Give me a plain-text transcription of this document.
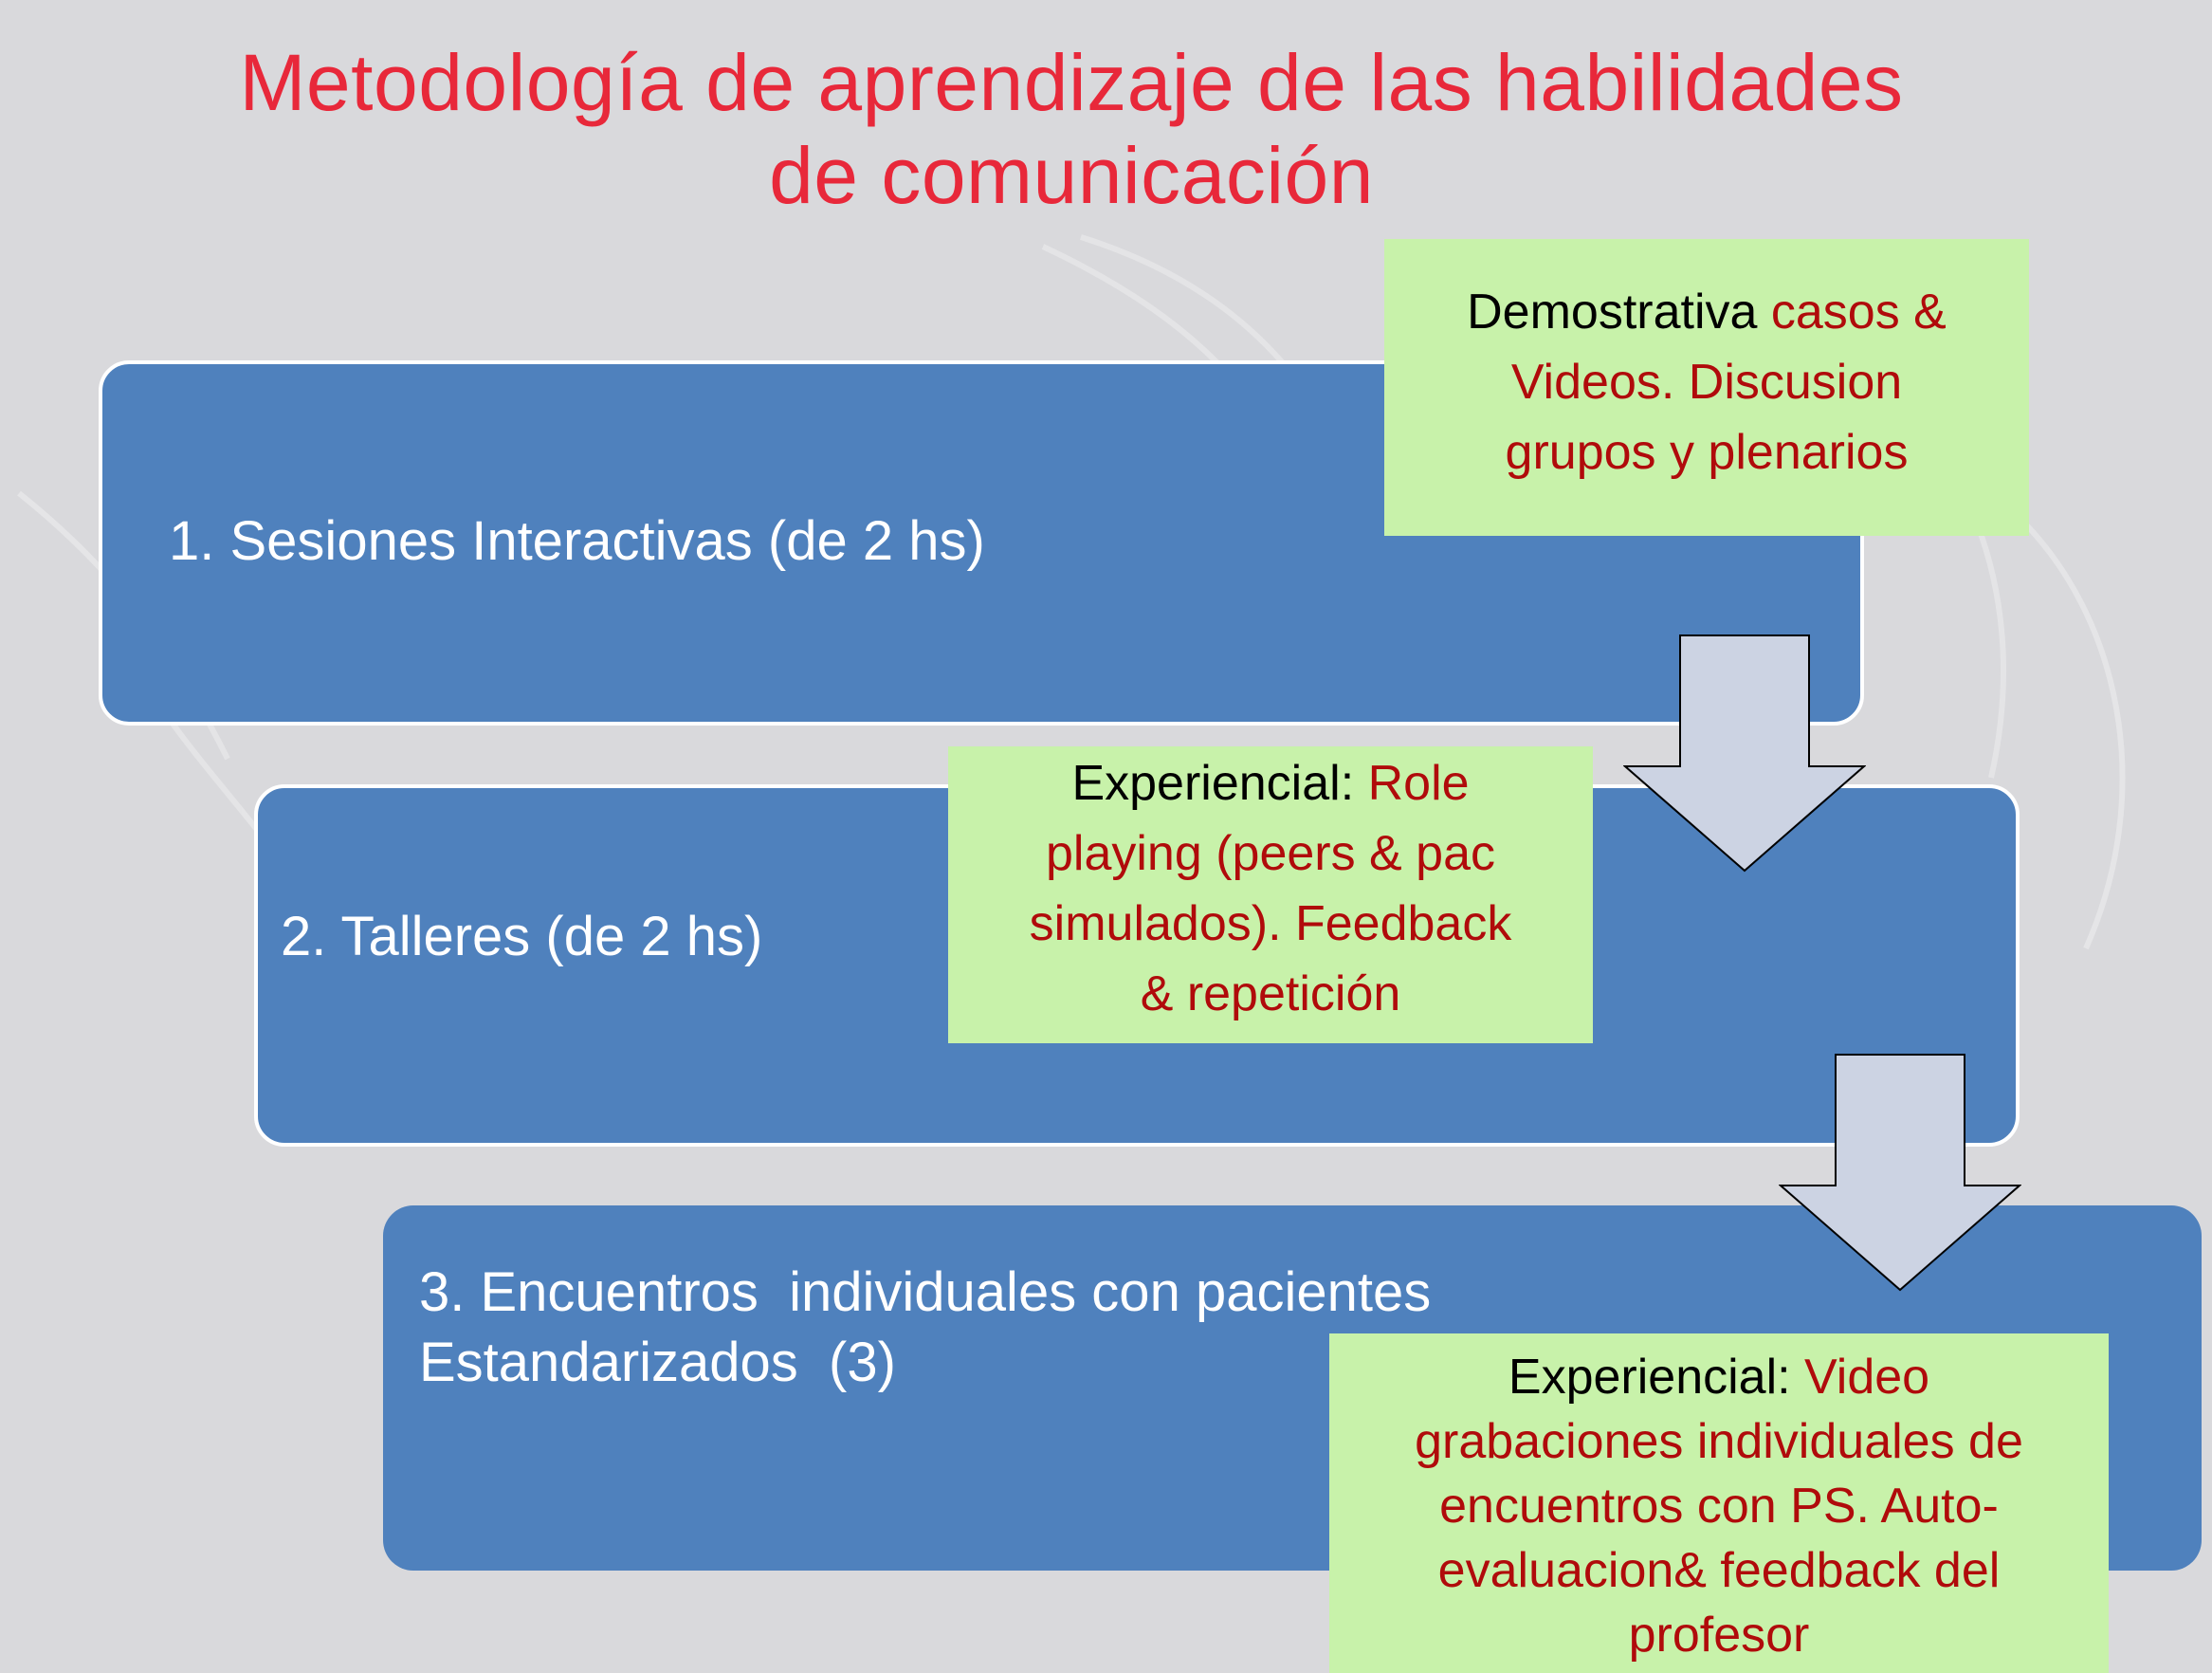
Metodología de aprendizaje de las habilidades
de comunicación
1. Sesiones Interactivas (de 2 hs)
2. Talleres (de 2 hs)
3. Encuentros  individuales con pacientes
Estandarizados  (3)
Demostrativa casos &
Videos. Discusion
grupos y plenarios
Experiencial: Role
playing (peers & pac
simulados). Feedback
& repetición
Experiencial: Video
grabaciones individuales de
encuentros con PS. Auto-
evaluacion& feedback del
profesor
